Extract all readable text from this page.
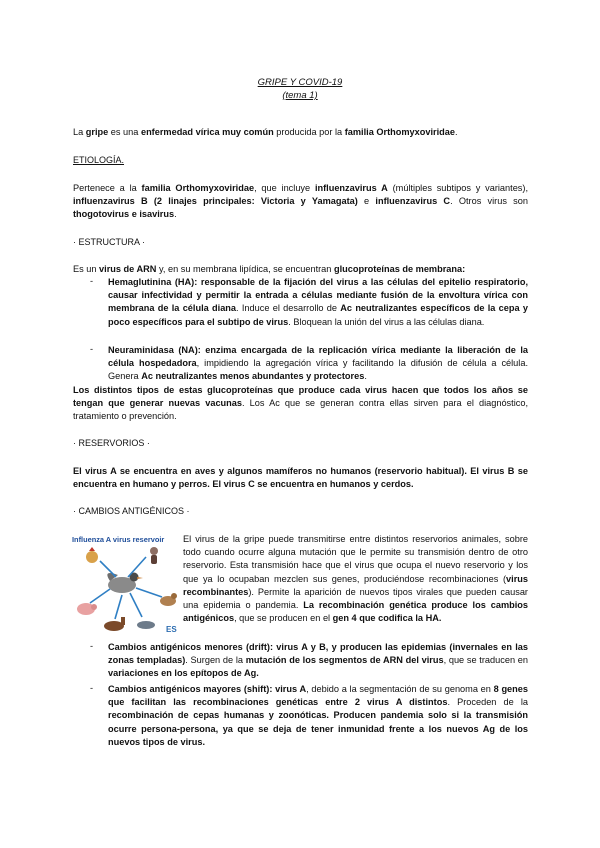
GRIPE Y COVID-19
(tema 1)

La gripe es una enfermedad vírica muy común producida por la familia Orthomyxoviridae.

ETIOLOGÍA.

Pertenece a la familia Orthomyxoviridae, que incluye influenzavirus A (múltiples subtipos y variantes), influenzavirus B (2 linajes principales: Victoria y Yamagata) e influenzavirus C. Otros virus son thogotovirus e isavirus.

· ESTRUCTURA ·

Es un virus de ARN y, en su membrana lipídica, se encuentran glucoproteínas de membrana:

-	Hemaglutinina (HA): responsable de la fijación del virus a las células del epitelio respiratorio, causar infectividad y permitir la entrada a células mediante fusión de la envoltura vírica con membrana de la célula diana. Induce el desarrollo de Ac neutralizantes específicos de la cepa y poco específicos para el subtipo de virus. Bloquean la unión del virus a las células diana.

-	Neuraminidasa (NA): enzima encargada de la replicación vírica mediante la liberación de la célula hospedadora, impidiendo la agregación vírica y facilitando la difusión de célula a célula. Genera Ac neutralizantes menos abundantes y protectores.

Los distintos tipos de estas glucoproteínas que produce cada virus hacen que todos los años se tengan que generar nuevas vacunas. Los Ac que se generan contra ellas sirven para el diagnóstico, tratamiento o prevención.

· RESERVORIOS ·

El virus A se encuentra en aves y algunos mamíferos no humanos (reservorio habitual). El virus B se encuentra en humano y perros. El virus C se encuentra en humanos y cerdos.

· CAMBIOS ANTIGÉNICOS ·
Influenza A virus reservoir
ES

El virus de la gripe puede transmitirse entre distintos reservorios animales, sobre todo cuando ocurre alguna mutación que le permite su transmisión dentro de otro reservorio. Esta transmisión hace que el virus que ocupa el nuevo reservorio y los que ya lo ocupaban mezclen sus genes, produciéndose recombinaciones (virus recombinantes). Permite la aparición de nuevos tipos virales que pueden causar una epidemia o pandemia. La recombinación genética produce los cambios antigénicos, que se producen en el gen 4 que codifica la HA.

-	Cambios antigénicos menores (drift): virus A y B, y producen las epidemias (invernales en las zonas templadas). Surgen de la mutación de los segmentos de ARN del virus, que se traducen en variaciones en los epítopos de Ag.

-	Cambios antigénicos mayores (shift): virus A, debido a la segmentación de su genoma en 8 genes que facilitan las recombinaciones genéticas entre 2 virus A distintos. Proceden de la recombinación de cepas humanas y zoonóticas. Producen pandemia solo si la transmisión ocurre persona-persona, ya que se deja de tener inmunidad frente a los nuevos Ag de los nuevos tipos de virus.
